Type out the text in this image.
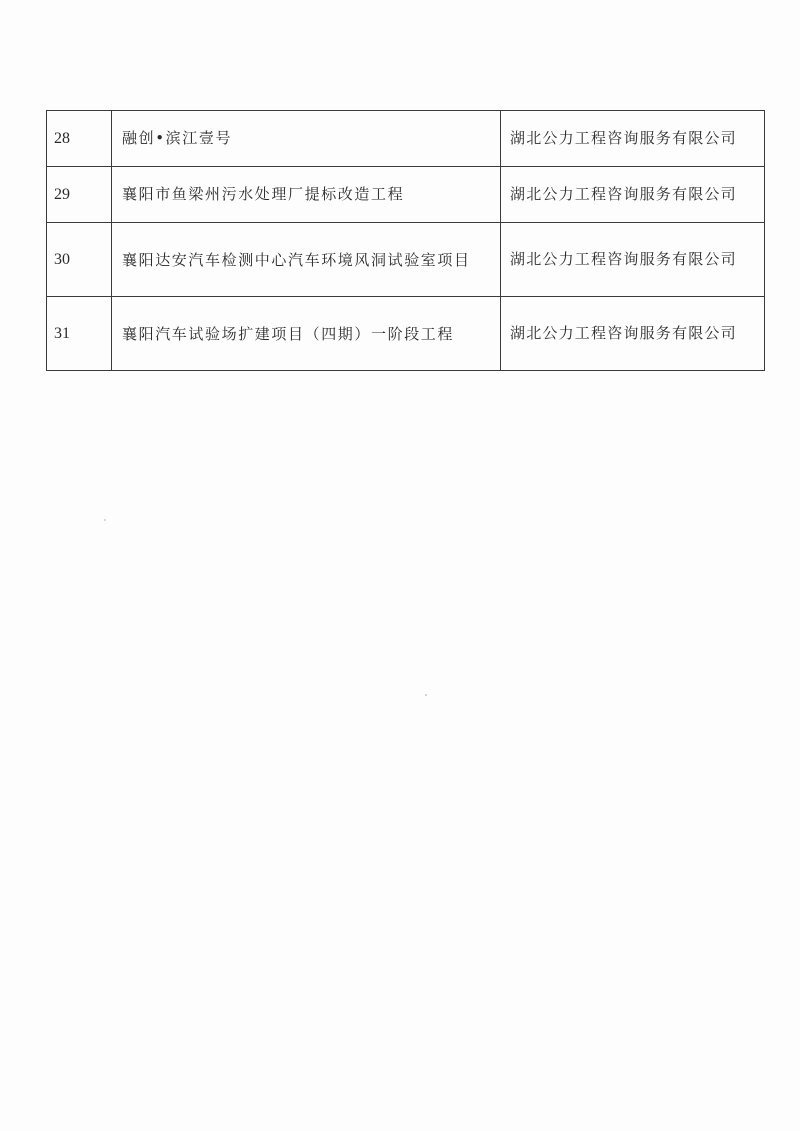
28	融创•滨江壹号	湖北公力工程咨询服务有限公司
29	襄阳市鱼梁州污水处理厂提标改造工程	湖北公力工程咨询服务有限公司
30	襄阳达安汽车检测中心汽车环境风洞试验室项目	湖北公力工程咨询服务有限公司
31	襄阳汽车试验场扩建项目（四期）一阶段工程	湖北公力工程咨询服务有限公司
